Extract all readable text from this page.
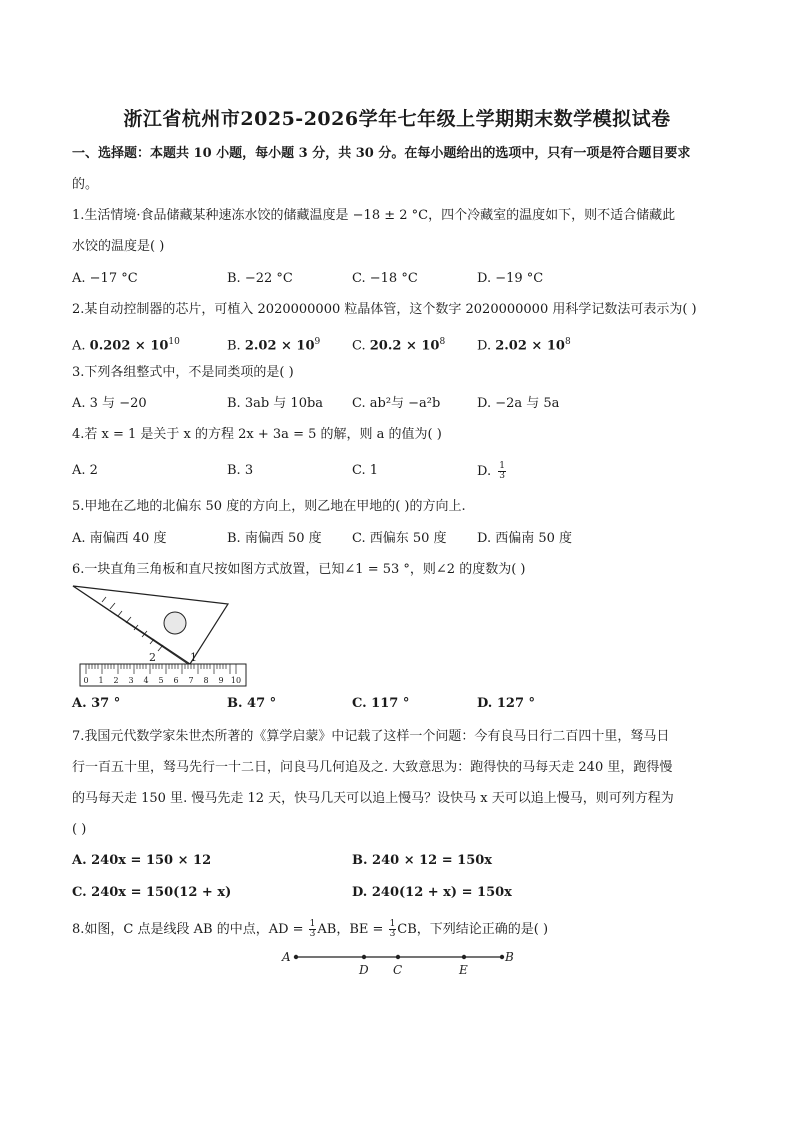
浙江省杭州市2025-2026学年七年级上学期期末数学模拟试卷
一、选择题：本题共 10 小题，每小题 3 分，共 30 分。在每小题给出的选项中，只有一项是符合题目要求
的。
1.生活情境·食品储藏某种速冻水饺的储藏温度是 −18 ± 2 °C，四个冷藏室的温度如下，则不适合储藏此
水饺的温度是( )
A. −17 °C	B. −22 °C	C. −18 °C	D. −19 °C
2.某自动控制器的芯片，可植入 2020000000 粒晶体管，这个数字 2020000000 用科学记数法可表示为( )
A. $0.202 \times 10^{10}$	B. $2.02 \times 10^9$ C. $20.2 \times 10^8$ D. $2.02 \times 10^8$
3.下列各组整式中，不是同类项的是( )
A. 3 与 −20	B. 3ab 与 10ba C. ab²与 −a²b	D. −2a 与 5a
4.若 x = 1 是关于 x 的方程 2x + 3a = 5 的解，则 a 的值为( )
A. 2	B. 3	C. 1	D. $\frac{1}{3}$
5.甲地在乙地的北偏东 50 度的方向上，则乙地在甲地的( )的方向上.
A. 南偏西 40 度	B. 南偏西 50 度 C. 西偏东 50 度 D. 西偏南 50 度
6.一块直角三角板和直尺按如图方式放置，已知∠1 = 53 °，则∠2 的度数为( )
2	1
0 1 2 3 4 5 6 7 8 9 10
A. 37 °	B. 47 °	C. 117 °	D. 127 °
7.我国元代数学家朱世杰所著的《算学启蒙》中记载了这样一个问题：今有良马日行二百四十里，驽马日
行一百五十里，驽马先行一十二日，问良马几何追及之. 大致意思为：跑得快的马每天走 240 里，跑得慢
的马每天走 150 里. 慢马先走 12 天，快马几天可以追上慢马？设快马 x 天可以追上慢马，则可列方程为
( )
A. 240x = 150 × 12	B. 240 × 12 = 150x
C. 240x = 150(12 + x)	D. 240(12 + x) = 150x
8.如图，C 点是线段 AB 的中点，AD = $\frac{1}{3}$ AB，BE = $\frac{1}{3}$ CB，下列结论正确的是( )
A
D C	E
B
